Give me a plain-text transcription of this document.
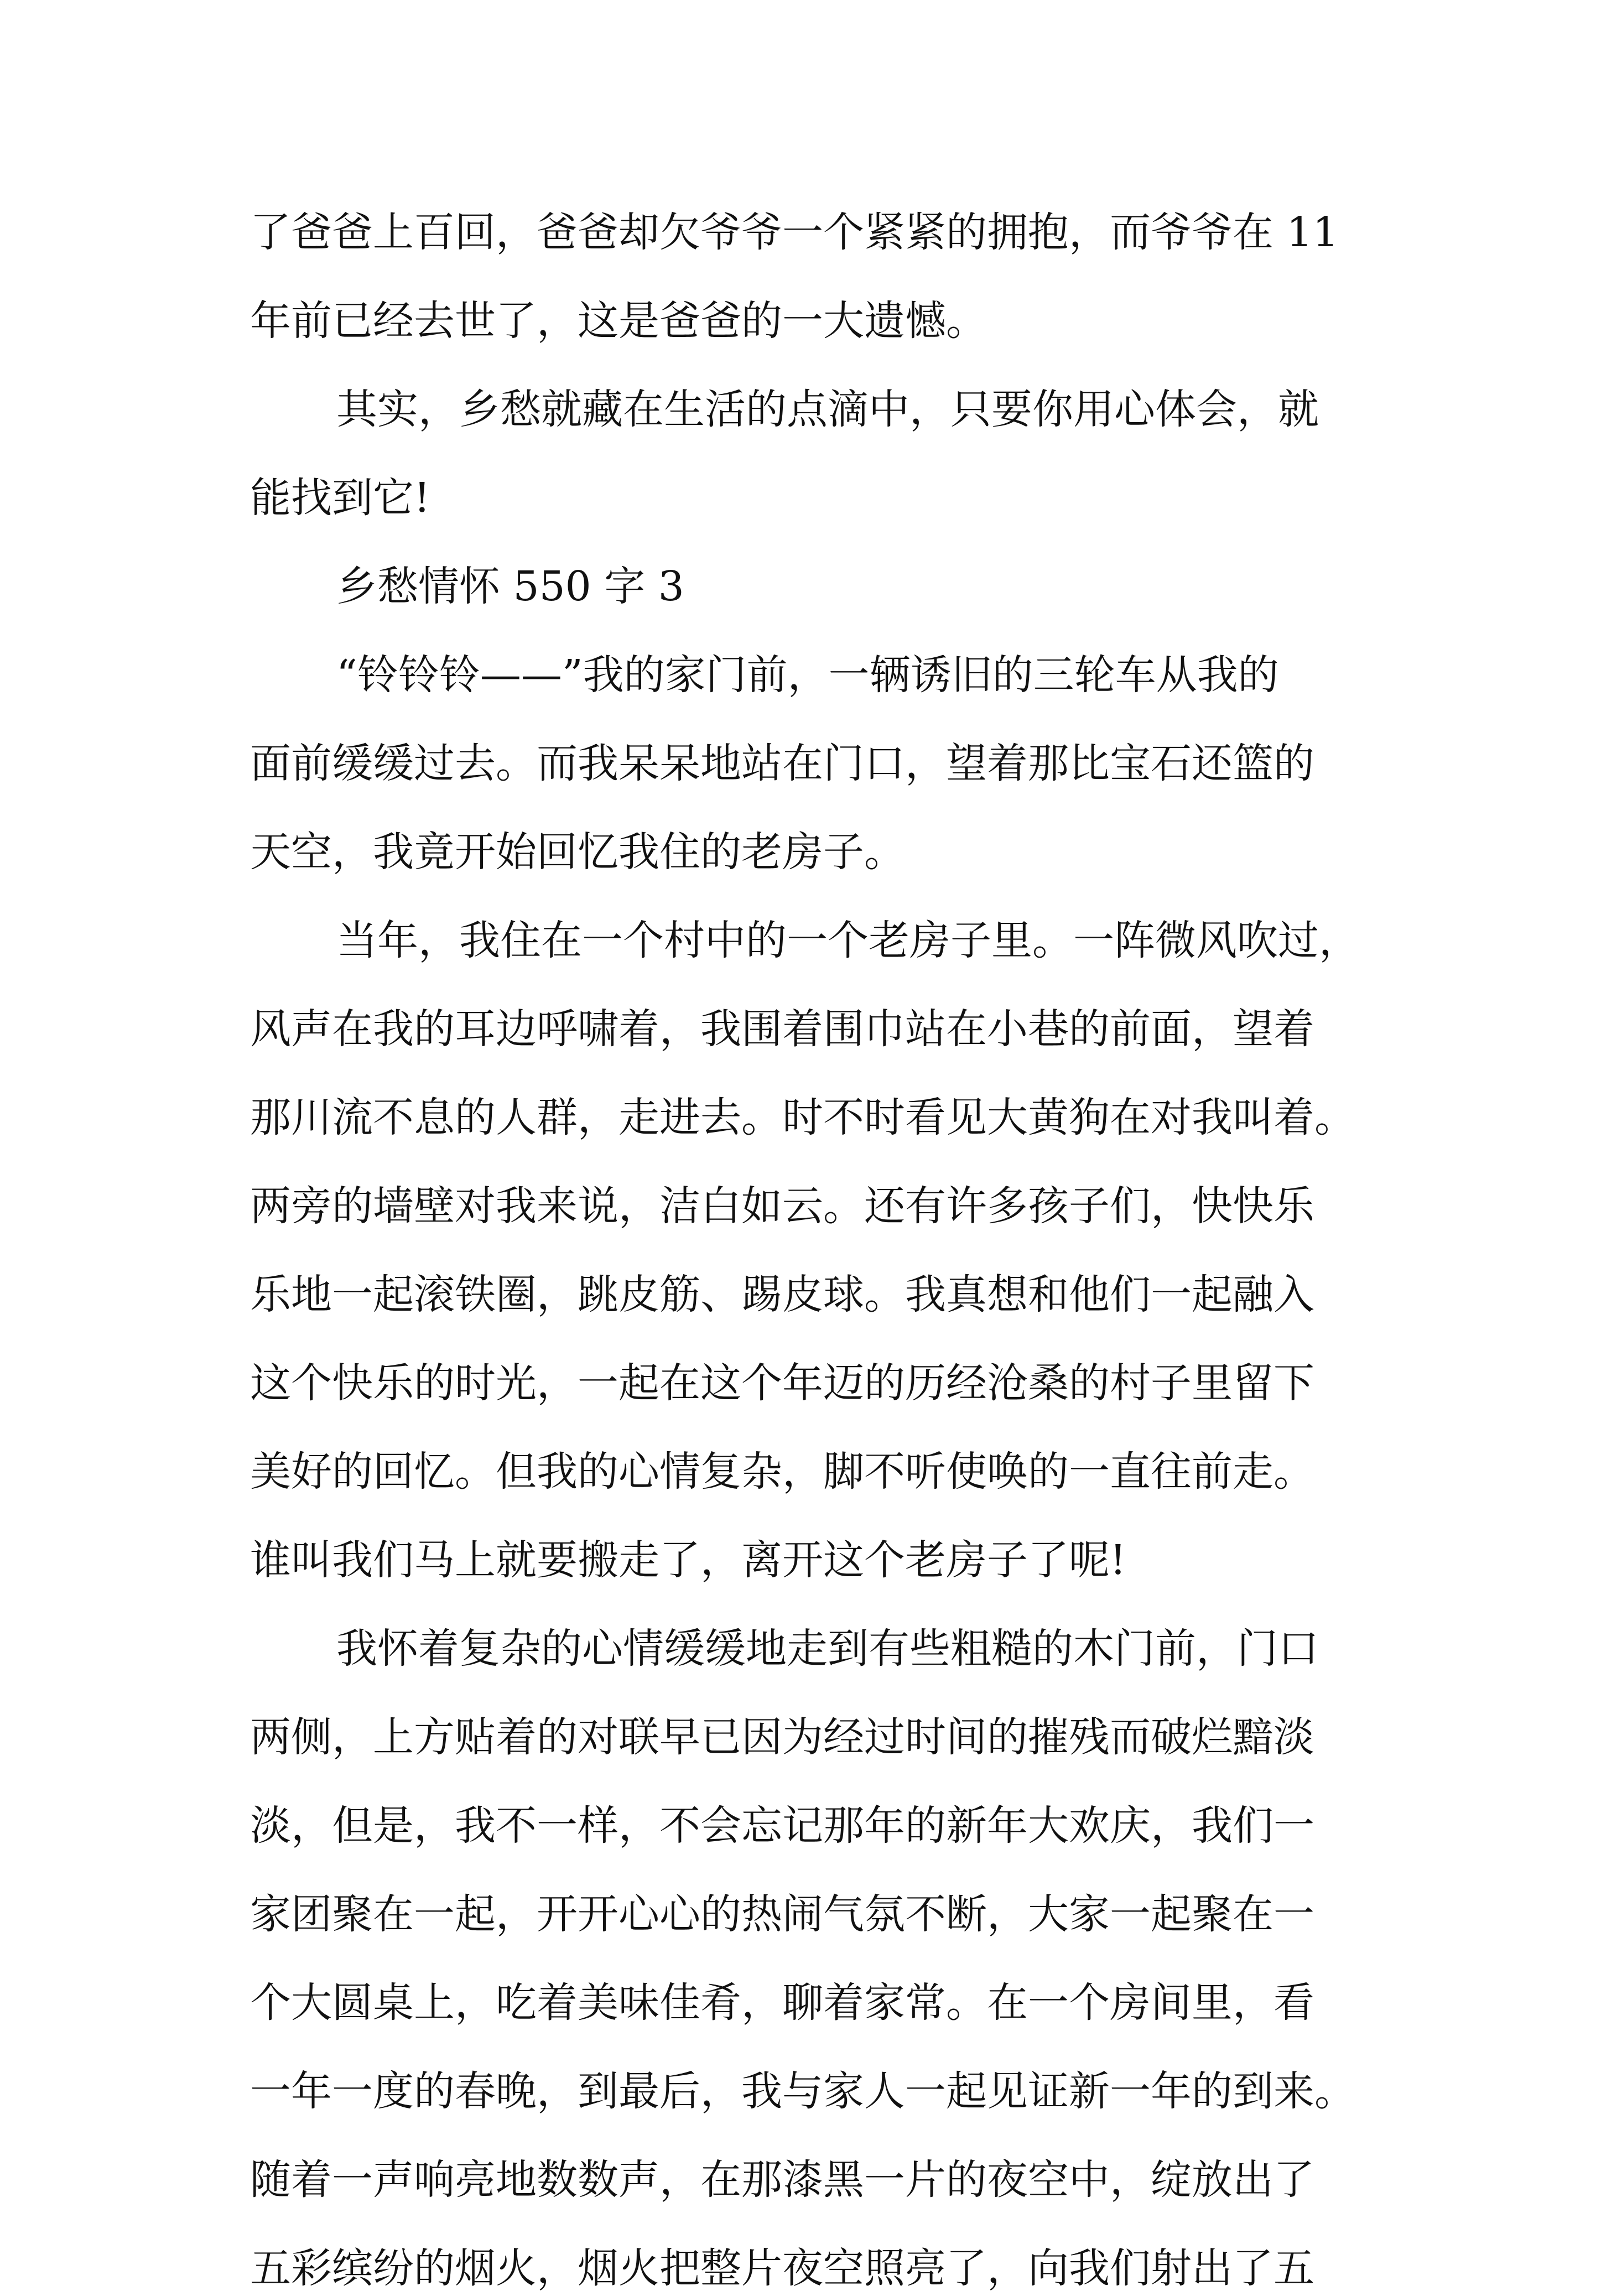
了爸爸上百回，爸爸却欠爷爷一个紧紧的拥抱，而爷爷在 11
年前已经去世了，这是爸爸的一大遗憾。
其实，乡愁就藏在生活的点滴中，只要你用心体会，就
能找到它!
乡愁情怀 550 字 3
“铃铃铃——”我的家门前，一辆诱旧的三轮车从我的
面前缓缓过去。而我呆呆地站在门口，望着那比宝石还篮的
天空，我竟开始回忆我住的老房子。
当年，我住在一个村中的一个老房子里。一阵微风吹过，
风声在我的耳边呼啸着，我围着围巾站在小巷的前面，望着
那川流不息的人群，走进去。时不时看见大黄狗在对我叫着。
两旁的墙壁对我来说，洁白如云。还有许多孩子们，快快乐
乐地一起滚铁圈，跳皮筋、踢皮球。我真想和他们一起融入
这个快乐的时光，一起在这个年迈的历经沧桑的村子里留下
美好的回忆。但我的心情复杂，脚不听使唤的一直往前走。
谁叫我们马上就要搬走了，离开这个老房子了呢!
我怀着复杂的心情缓缓地走到有些粗糙的木门前，门口
两侧，上方贴着的对联早已因为经过时间的摧残而破烂黯淡
淡，但是，我不一样，不会忘记那年的新年大欢庆，我们一
家团聚在一起，开开心心的热闹气氛不断，大家一起聚在一
个大圆桌上，吃着美味佳肴，聊着家常。在一个房间里，看
一年一度的春晚，到最后，我与家人一起见证新一年的到来。
随着一声响亮地数数声，在那漆黑一片的夜空中，绽放出了
五彩缤纷的烟火，烟火把整片夜空照亮了，向我们射出了五
